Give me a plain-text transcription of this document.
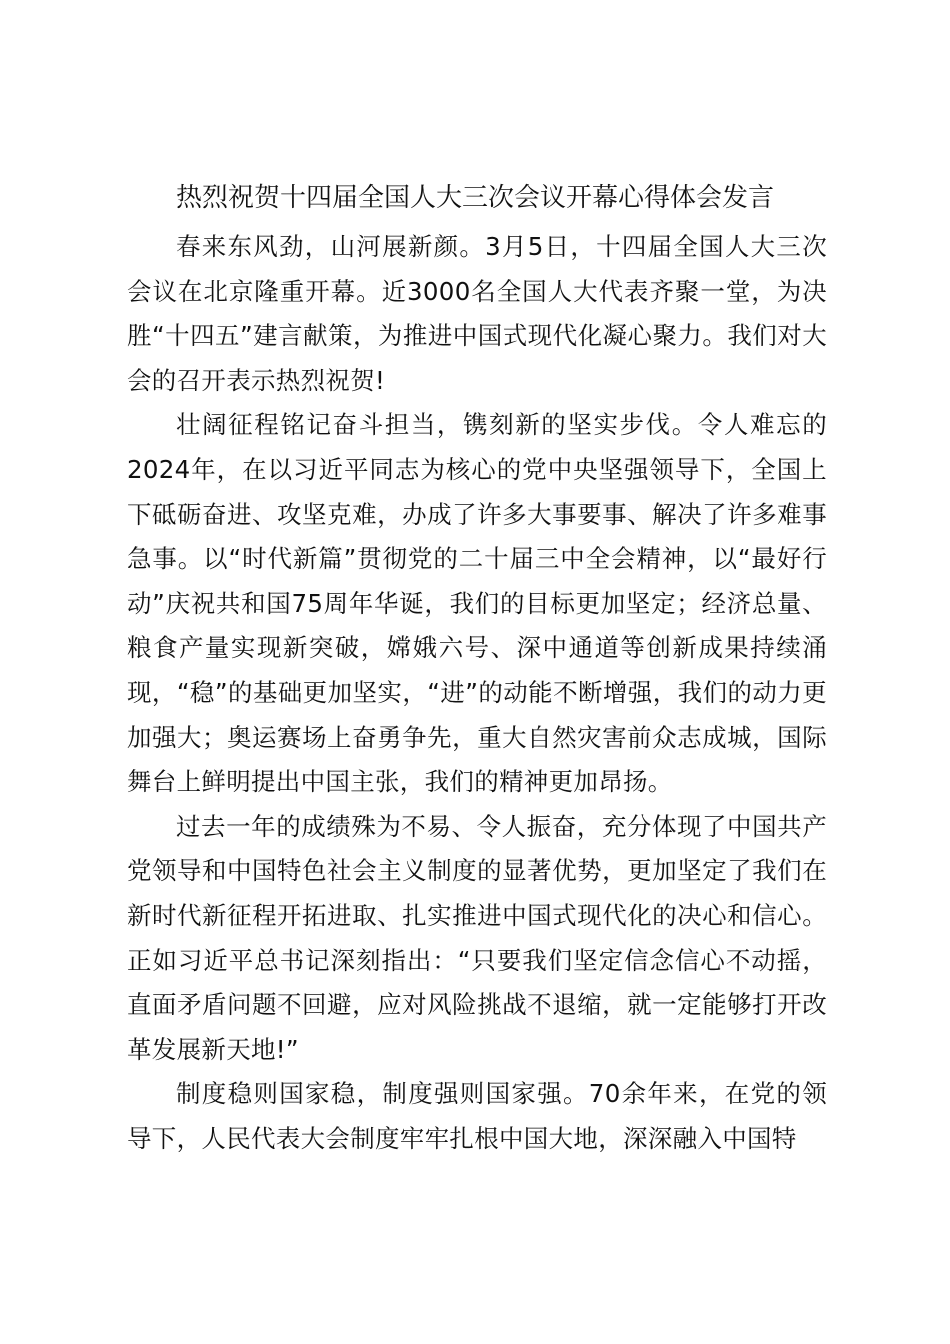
热烈祝贺十四届全国人大三次会议开幕心得体会发言

春来东风劲，山河展新颜。3月5日，十四届全国人大三次会议在北京隆重开幕。近3000名全国人大代表齐聚一堂，为决胜“十四五”建言献策，为推进中国式现代化凝心聚力。我们对大会的召开表示热烈祝贺!

壮阔征程铭记奋斗担当，镌刻新的坚实步伐。令人难忘的2024年，在以习近平同志为核心的党中央坚强领导下，全国上下砥砺奋进、攻坚克难，办成了许多大事要事、解决了许多难事急事。以“时代新篇”贯彻党的二十届三中全会精神，以“最好行动”庆祝共和国75周年华诞，我们的目标更加坚定；经济总量、粮食产量实现新突破，嫦娥六号、深中通道等创新成果持续涌现，“稳”的基础更加坚实，“进”的动能不断增强，我们的动力更加强大；奥运赛场上奋勇争先，重大自然灾害前众志成城，国际舞台上鲜明提出中国主张，我们的精神更加昂扬。

过去一年的成绩殊为不易、令人振奋，充分体现了中国共产党领导和中国特色社会主义制度的显著优势，更加坚定了我们在新时代新征程开拓进取、扎实推进中国式现代化的决心和信心。正如习近平总书记深刻指出：“只要我们坚定信念信心不动摇，直面矛盾问题不回避，应对风险挑战不退缩，就一定能够打开改革发展新天地!”

制度稳则国家稳，制度强则国家强。70余年来，在党的领导下，人民代表大会制度牢牢扎根中国大地，深深融入中国特
